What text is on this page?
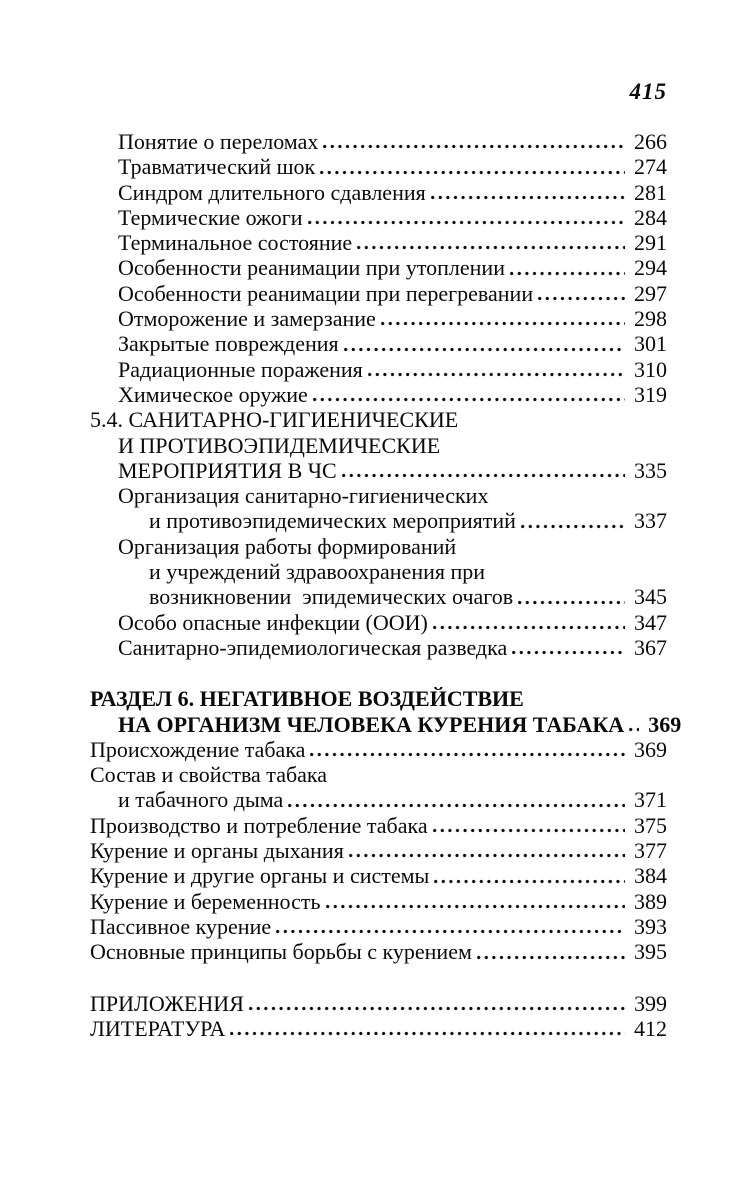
415
Понятие о переломах	266
Травматический шок	274
Синдром длительного сдавления	281
Термические ожоги	284
Терминальное состояние	291
Особенности реанимации при утоплении	294
Особенности реанимации при перегревании	297
Отморожение и замерзание	298
Закрытые повреждения	301
Радиационные поражения	310
Химическое оружие	319
5.4. САНИТАРНО-ГИГИЕНИЧЕСКИЕ
И ПРОТИВОЭПИДЕМИЧЕСКИЕ
МЕРОПРИЯТИЯ В ЧС	335
Организация санитарно-гигиенических
и противоэпидемических мероприятий	337
Организация работы формирований
и учреждений здравоохранения при
возникновении  эпидемических очагов	345
Особо опасные инфекции (ООИ)	347
Санитарно-эпидемиологическая разведка	367
РАЗДЕЛ 6. НЕГАТИВНОЕ ВОЗДЕЙСТВИЕ
НА ОРГАНИЗМ ЧЕЛОВЕКА КУРЕНИЯ ТАБАКА	369
Происхождение табака	369
Состав и свойства табака
и табачного дыма	371
Производство и потребление табака	375
Курение и органы дыхания	377
Курение и другие органы и системы	384
Курение и беременность	389
Пассивное курение	393
Основные принципы борьбы с курением	395
ПРИЛОЖЕНИЯ	399
ЛИТЕРАТУРА	412
